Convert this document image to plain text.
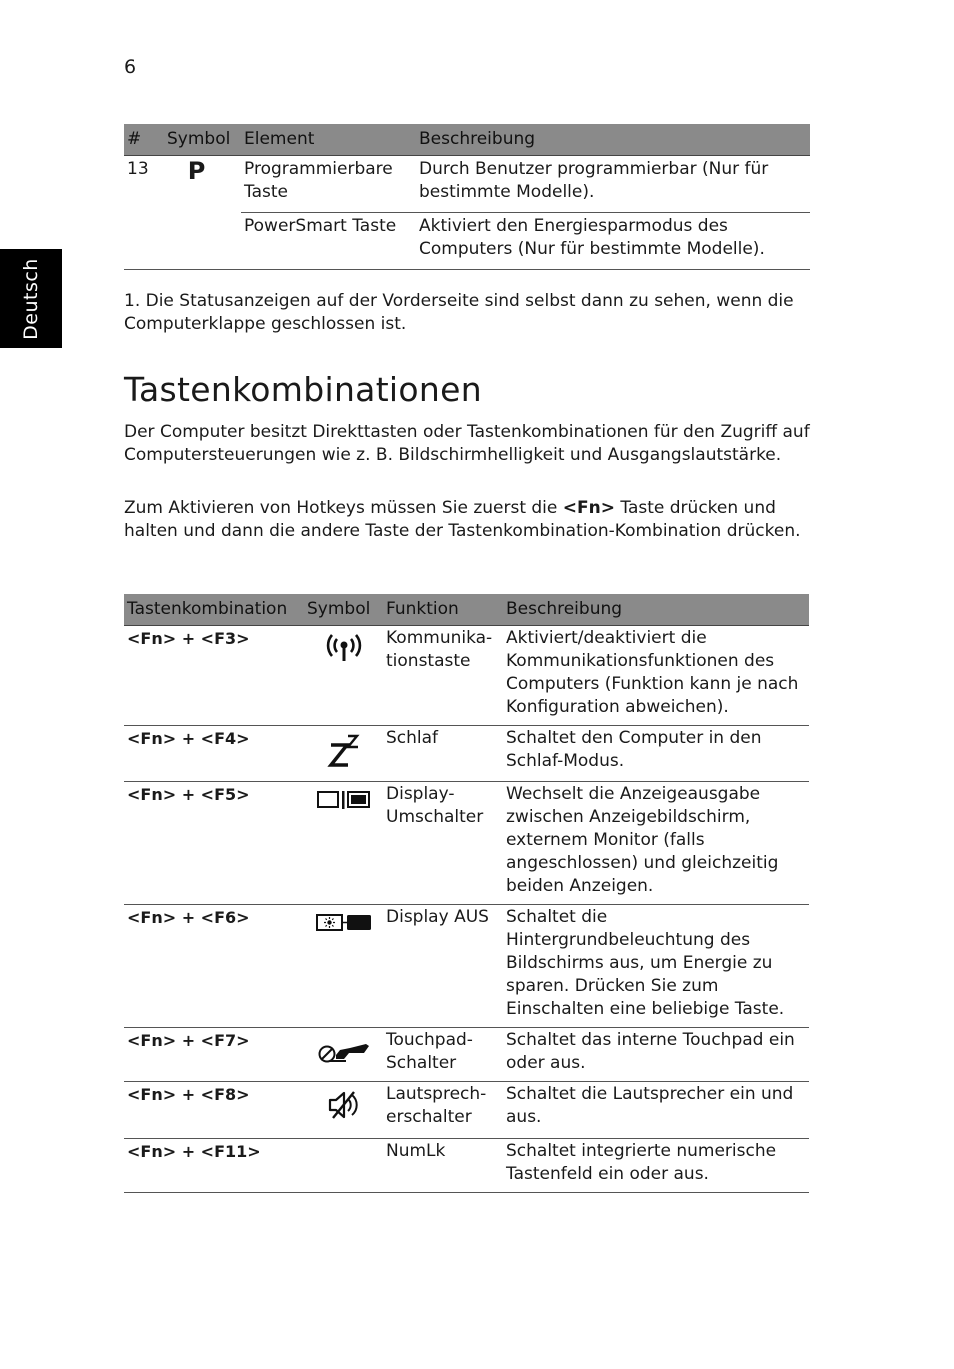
6
Deutsch
#	Symbol	Element	Beschreibung
13	P	Programmierbare Taste	Durch Benutzer programmierbar (Nur für bestimmte Modelle).
		PowerSmart Taste	Aktiviert den Energiesparmodus des Computers (Nur für bestimmte Modelle).
1. Die Statusanzeigen auf der Vorderseite sind selbst dann zu sehen, wenn die Computerklappe geschlossen ist.
Tastenkombinationen

Der Computer besitzt Direkttasten oder Tastenkombinationen für den Zugriff auf Computersteuerungen wie z. B. Bildschirmhelligkeit und Ausgangslautstärke.

Zum Aktivieren von Hotkeys müssen Sie zuerst die <Fn> Taste drücken und halten und dann die andere Taste der Tastenkombination-Kombination drücken.

Tastenkombination	Symbol	Funktion	Beschreibung
<Fn> + <F3>		Kommunika- tionstaste	Aktiviert/deaktiviert die Kommunikationsfunktionen des Computers (Funktion kann je nach Konfiguration abweichen).
<Fn> + <F4>		Schlaf	Schaltet den Computer in den Schlaf-Modus.
<Fn> + <F5>		Display- Umschalter	Wechselt die Anzeigeausgabe zwischen Anzeigebildschirm, externem Monitor (falls angeschlossen) und gleichzeitig beiden Anzeigen.
<Fn> + <F6>		Display AUS	Schaltet die Hintergrundbeleuchtung des Bildschirms aus, um Energie zu sparen. Drücken Sie zum Einschalten eine beliebige Taste.
<Fn> + <F7>		Touchpad- Schalter	Schaltet das interne Touchpad ein oder aus.
<Fn> + <F8>		Lautsprech- erschalter	Schaltet die Lautsprecher ein und aus.
<Fn> + <F11>		NumLk	Schaltet integrierte numerische Tastenfeld ein oder aus.
